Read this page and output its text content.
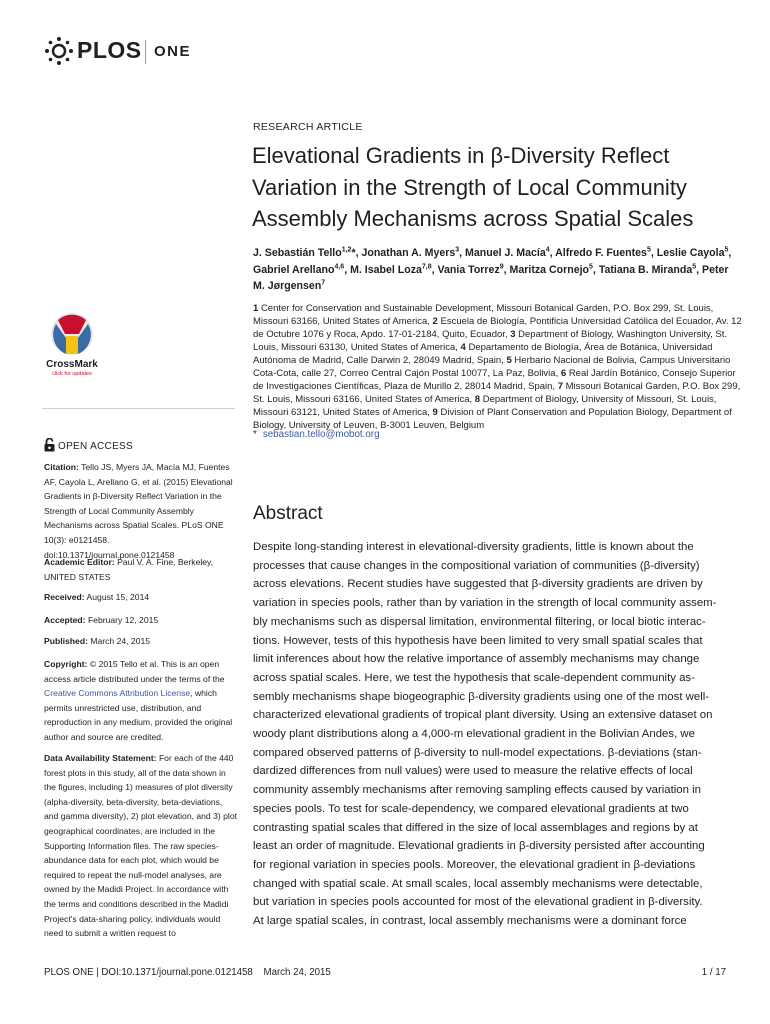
PLOS ONE
RESEARCH ARTICLE
Elevational Gradients in β-Diversity Reflect Variation in the Strength of Local Community Assembly Mechanisms across Spatial Scales
J. Sebastián Tello$^{1,2}$*, Jonathan A. Myers$^3$, Manuel J. Macía$^4$, Alfredo F. Fuentes$^5$, Leslie Cayola$^5$, Gabriel Arellano$^{4,6}$, M. Isabel Loza$^{7,8}$, Vania Torrez$^9$, Maritza Cornejo$^5$, Tatiana B. Miranda$^5$, Peter M. Jørgensen$^7$
1 Center for Conservation and Sustainable Development, Missouri Botanical Garden, P.O. Box 299, St. Louis, Missouri 63166, United States of America, 2 Escuela de Biología, Pontificia Universidad Católica del Ecuador, Av. 12 de Octubre 1076 y Roca, Apdo. 17-01-2184, Quito, Ecuador, 3 Department of Biology, Washington University, St. Louis, Missouri 63130, United States of America, 4 Departamento de Biología, Área de Botánica, Universidad Autónoma de Madrid, Calle Darwin 2, 28049 Madrid, Spain, 5 Herbario Nacional de Bolivia, Campus Universitario Cota-Cota, calle 27, Correo Central Cajón Postal 10077, La Paz, Bolivia, 6 Real Jardín Botánico, Consejo Superior de Investigaciones Científicas, Plaza de Murillo 2, 28014 Madrid, Spain, 7 Missouri Botanical Garden, P.O. Box 299, St. Louis, Missouri 63166, United States of America, 8 Department of Biology, University of Missouri, St. Louis, Missouri 63121, United States of America, 9 Division of Plant Conservation and Population Biology, Department of Biology, University of Leuven, B-3001 Leuven, Belgium
* sebastian.tello@mobot.org
Abstract
Despite long-standing interest in elevational-diversity gradients, little is known about the
processes that cause changes in the compositional variation of communities (β-diversity)
across elevations. Recent studies have suggested that β-diversity gradients are driven by
variation in species pools, rather than by variation in the strength of local community assem-
bly mechanisms such as dispersal limitation, environmental filtering, or local biotic interac-
tions. However, tests of this hypothesis have been limited to very small spatial scales that
limit inferences about how the relative importance of assembly mechanisms may change
across spatial scales. Here, we test the hypothesis that scale-dependent community as-
sembly mechanisms shape biogeographic β-diversity gradients using one of the most well-
characterized elevational gradients of tropical plant diversity. Using an extensive dataset on
woody plant distributions along a 4,000-m elevational gradient in the Bolivian Andes, we
compared observed patterns of β-diversity to null-model expectations. β-deviations (stan-
dardized differences from null values) were used to measure the relative effects of local
community assembly mechanisms after removing sampling effects caused by variation in
species pools. To test for scale-dependency, we compared elevational gradients at two
contrasting spatial scales that differed in the size of local assemblages and regions by at
least an order of magnitude. Elevational gradients in β-diversity persisted after accounting
for regional variation in species pools. Moreover, the elevational gradient in β-deviations
changed with spatial scale. At small scales, local assembly mechanisms were detectable,
but variation in species pools accounted for most of the elevational gradient in β-diversity.
At large spatial scales, in contrast, local assembly mechanisms were a dominant force
CrossMark
click for updates
OPEN ACCESS
Citation: Tello JS, Myers JA, Macía MJ, Fuentes AF, Cayola L, Arellano G, et al. (2015) Elevational Gradients in β-Diversity Reflect Variation in the Strength of Local Community Assembly Mechanisms across Spatial Scales. PLoS ONE 10(3): e0121458. doi:10.1371/journal.pone.0121458
Academic Editor: Paul V. A. Fine, Berkeley, UNITED STATES
Received: August 15, 2014
Accepted: February 12, 2015
Published: March 24, 2015
Copyright: © 2015 Tello et al. This is an open access article distributed under the terms of the Creative Commons Attribution License, which permits unrestricted use, distribution, and reproduction in any medium, provided the original author and source are credited.
Data Availability Statement: For each of the 440 forest plots in this study, all of the data shown in the figures, including 1) measures of plot diversity (alpha-diversity, beta-diversity, beta-deviations, and gamma diversity), 2) plot elevation, and 3) plot geographical coordinates, are included in the Supporting Information files. The raw species-abundance data for each plot, which would be required to repeat the null-model analyses, are owned by the Madidi Project. In accordance with the terms and conditions described in the Madidi Project's data-sharing policy, individuals would need to submit a written request to
PLOS ONE | DOI:10.1371/journal.pone.0121458 March 24, 2015	1 / 17
